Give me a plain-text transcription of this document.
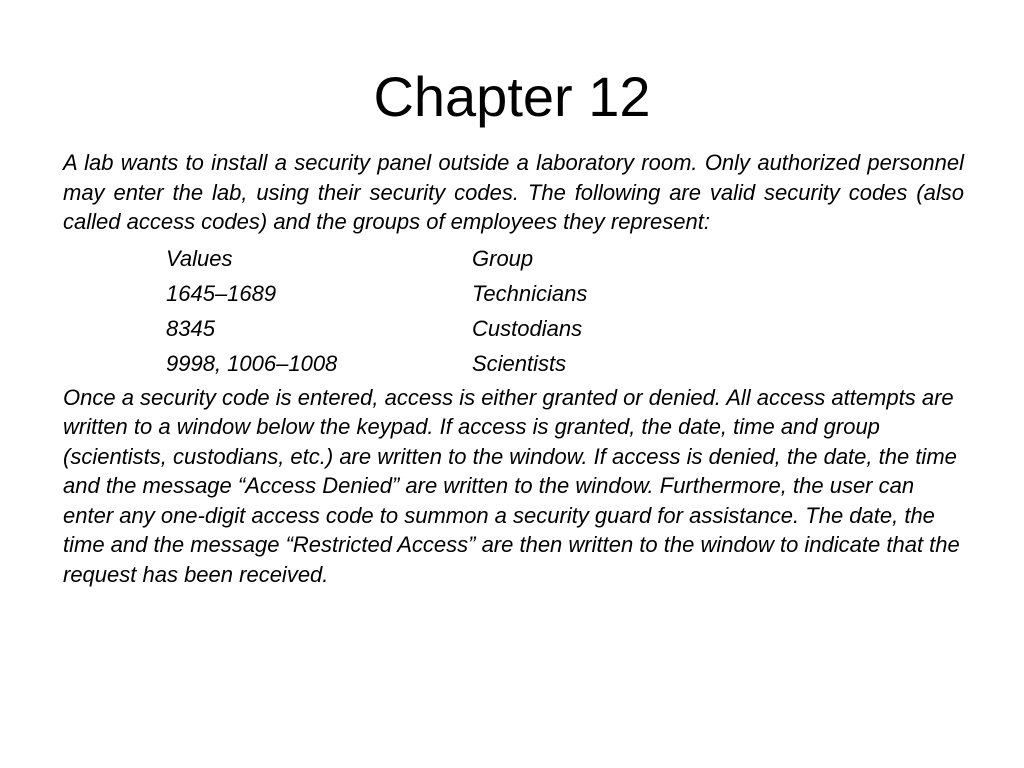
Chapter 12

A lab wants to install a security panel outside a laboratory room. Only authorized personnel may enter the lab, using their security codes. The following are valid security codes (also called access codes) and the groups of employees they represent:

Values	Group
1645–1689	Technicians
8345	Custodians
9998, 1006–1008	Scientists

Once a security code is entered, access is either granted or denied. All access attempts are written to a window below the keypad. If access is granted, the date, time and group (scientists, custodians, etc.) are written to the window. If access is denied, the date, the time and the message “Access Denied” are written to the window. Furthermore, the user can enter any one-digit access code to summon a security guard for assistance. The date, the time and the message “Restricted Access” are then written to the window to indicate that the request has been received.
